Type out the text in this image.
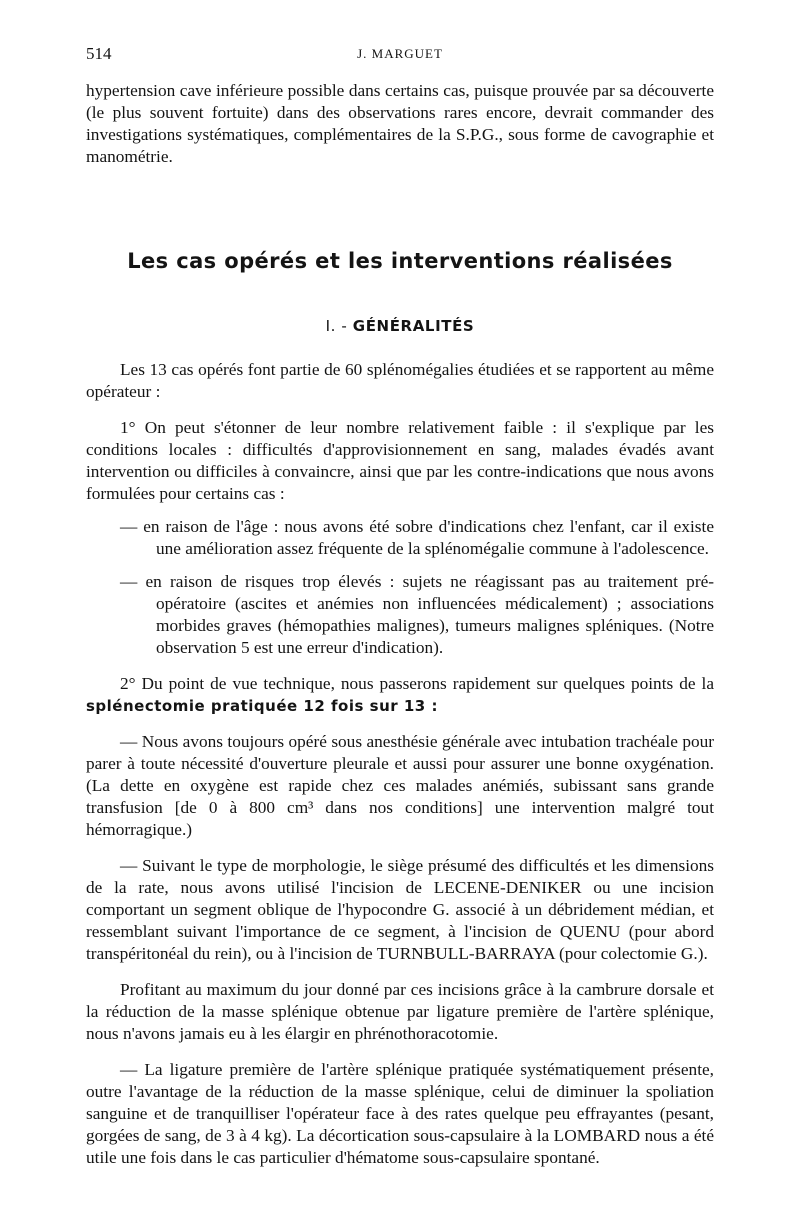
514	J. MARGUET

hypertension cave inférieure possible dans certains cas, puisque prouvée par sa découverte (le plus souvent fortuite) dans des observations rares encore, devrait commander des investigations systématiques, complémentaires de la S.P.G., sous forme de cavographie et manométrie.

Les cas opérés et les interventions réalisées
I. - GÉNÉRALITÉS

Les 13 cas opérés font partie de 60 splénomégalies étudiées et se rapportent au même opérateur :

1° On peut s'étonner de leur nombre relativement faible : il s'explique par les conditions locales : difficultés d'approvisionnement en sang, malades évadés avant intervention ou difficiles à convaincre, ainsi que par les contre-indications que nous avons formulées pour certains cas :

— en raison de l'âge : nous avons été sobre d'indications chez l'enfant, car il existe une amélioration assez fréquente de la splénomégalie commune à l'adolescence.

— en raison de risques trop élevés : sujets ne réagissant pas au traitement pré-opératoire (ascites et anémies non influencées médicalement) ; associations morbides graves (hémopathies malignes), tumeurs malignes spléniques. (Notre observation 5 est une erreur d'indication).

2° Du point de vue technique, nous passerons rapidement sur quelques points de la splénectomie pratiquée 12 fois sur 13 :

— Nous avons toujours opéré sous anesthésie générale avec intubation trachéale pour parer à toute nécessité d'ouverture pleurale et aussi pour assurer une bonne oxygénation. (La dette en oxygène est rapide chez ces malades anémiés, subissant sans grande transfusion [de 0 à 800 cm³ dans nos conditions] une intervention malgré tout hémorragique.)

— Suivant le type de morphologie, le siège présumé des difficultés et les dimensions de la rate, nous avons utilisé l'incision de LECENE-DENIKER ou une incision comportant un segment oblique de l'hypocondre G. associé à un débridement médian, et ressemblant suivant l'importance de ce segment, à l'incision de QUENU (pour abord transpéritonéal du rein), ou à l'incision de TURNBULL-BARRAYA (pour colectomie G.).

Profitant au maximum du jour donné par ces incisions grâce à la cambrure dorsale et la réduction de la masse splénique obtenue par ligature première de l'artère splénique, nous n'avons jamais eu à les élargir en phrénothoracotomie.

— La ligature première de l'artère splénique pratiquée systématiquement présente, outre l'avantage de la réduction de la masse splénique, celui de diminuer la spoliation sanguine et de tranquilliser l'opérateur face à des rates quelque peu effrayantes (pesant, gorgées de sang, de 3 à 4 kg). La décortication sous-capsulaire à la LOMBARD nous a été utile une fois dans le cas particulier d'hématome sous-capsulaire spontané.
